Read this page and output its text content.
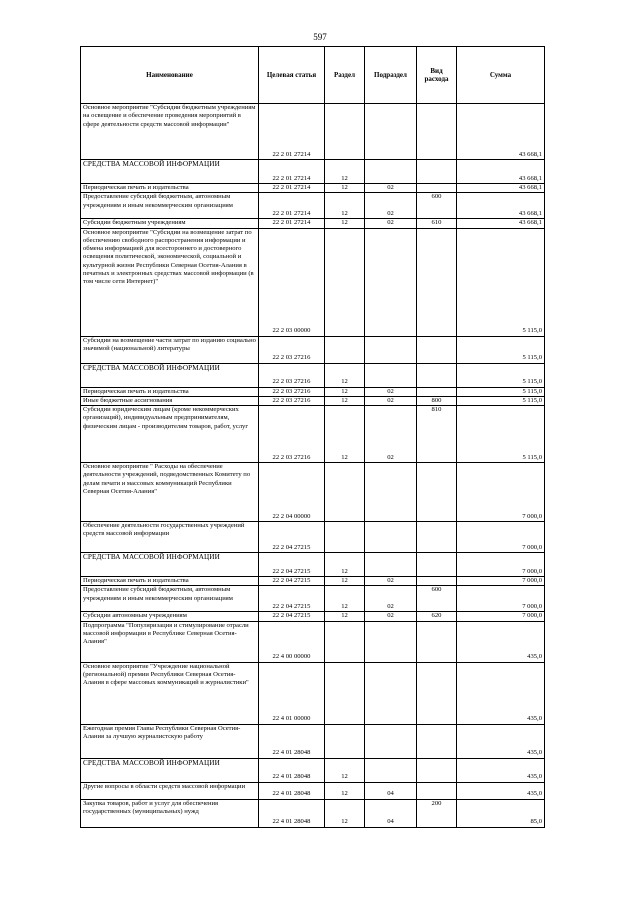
597
Наименование	Целевая статья	Раздел	Подраздел	Вид расхода	Сумма
Основное мероприятие "Субсидии бюджетным учреждениям на освещение и обеспечение проведения мероприятий в сфере деятельности средств массовой информации"	22 2 01 27214				43 668,1
СРЕДСТВА МАССОВОЙ ИНФОРМАЦИИ	22 2 01 27214	12			43 668,1
Периодическая печать и издательства	22 2 01 27214	12	02		43 668,1
Предоставление субсидий бюджетным, автономным учреждениям и иным некоммерческим организациям	22 2 01 27214	12	02	600	43 668,1
Субсидии бюджетным учреждениям	22 2 01 27214	12	02	610	43 668,1
Основное мероприятие "Субсидии на возмещение затрат по обеспечению свободного распространения информации и обмена информацией для всестороннего и достоверного освещения политической, экономической, социальной и культурной жизни Республики Северная Осетия-Алания в печатных и электронных средствах массовой информации (в том числе сети Интернет)"	22 2 03 00000				5 115,0
Субсидии на возмещение части затрат по изданию социально значимой (национальной) литературы	22 2 03 27216				5 115,0
СРЕДСТВА МАССОВОЙ ИНФОРМАЦИИ	22 2 03 27216	12			5 115,0
Периодическая печать и издательства	22 2 03 27216	12	02		5 115,0
Иные бюджетные ассигнования	22 2 03 27216	12	02	800	5 115,0
Субсидии юридическим лицам (кроме некоммерческих организаций), индивидуальным предпринимателям, физическим лицам - производителям товаров, работ, услуг	22 2 03 27216	12	02	810	5 115,0
Основное мероприятие " Расходы на обеспечение деятельности учреждений, подведомственных Комитету по делам печати и массовых коммуникаций Республики Северная Осетия-Алания"	22 2 04 00000				7 000,0
Обеспечение деятельности государственных учреждений средств массовой информации	22 2 04 27215				7 000,0
СРЕДСТВА МАССОВОЙ ИНФОРМАЦИИ	22 2 04 27215	12			7 000,0
Периодическая печать и издательства	22 2 04 27215	12	02		7 000,0
Предоставление субсидий бюджетным, автономным учреждениям и иным некоммерческим организациям	22 2 04 27215	12	02	600	7 000,0
Субсидии автономным учреждениям	22 2 04 27215	12	02	620	7 000,0
Подпрограмма "Популяризация и стимулирование отрасли массовой информации в Республике Северная Осетия-Алания"	22 4 00 00000				435,0
Основное мероприятие "Учреждение национальной (региональной) премии Республики Северная Осетия-Алания в сфере массовых коммуникаций и журналистики"	22 4 01 00000				435,0
Ежегодная премия Главы Республики Северная Осетия-Алания за лучшую журналистскую работу	22 4 01 28048				435,0
СРЕДСТВА МАССОВОЙ ИНФОРМАЦИИ	22 4 01 28048	12			435,0
Другие вопросы в области средств массовой информации	22 4 01 28048	12	04		435,0
Закупка товаров, работ и услуг для обеспечения государственных (муниципальных) нужд	22 4 01 28048	12	04	200	85,0
